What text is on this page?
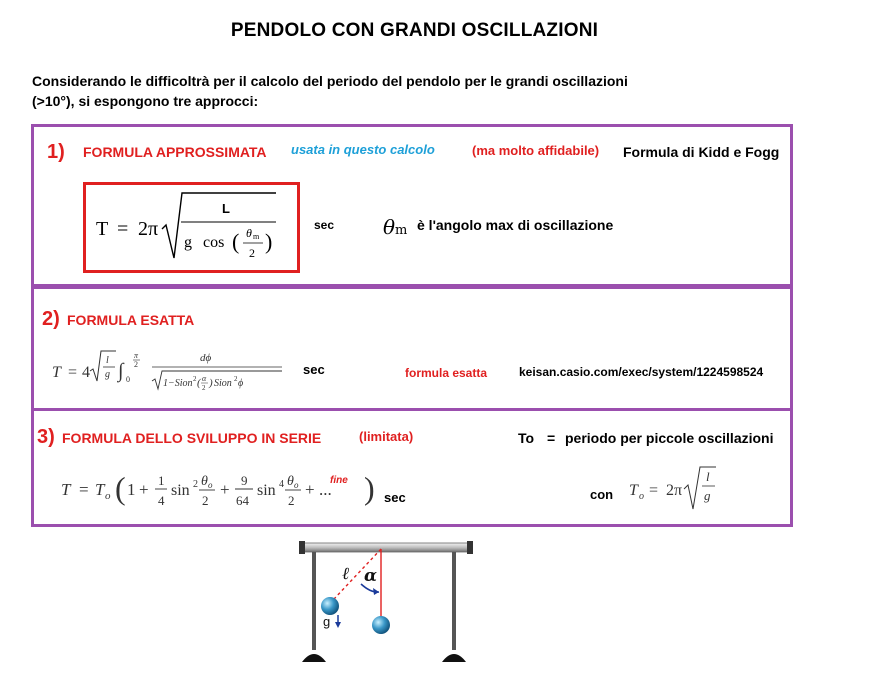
PENDOLO CON GRANDI OSCILLAZIONI
Considerando le difficoltrà per il calcolo del periodo del pendolo per le grandi oscillazioni
(>10°), si espongono tre approcci:
1) FORMULA APPROSSIMATA usata in questo calcolo	(ma molto affidabile) Formula di Kidd e Fogg
T = 2π
L
g cos ( θ m
2 )
sec θm è l'angolo max di oscillazione
2) FORMULA ESATTA
T = 4
l
g ∫ 0
π
2
dϕ
1−Sion 2 ( α
2 ) Sion 2 ϕ
sec	formula esatta	keisan.casio.com/exec/system/1224598524
3) FORMULA DELLO SVILUPPO IN SERIE	(limitata)	To = periodo per piccole oscillazioni
T = T o ( 1 + 1
4
sin 2 θ o
2
+ 9
64
sin 4 θ o
2
+ ... )
fine
sec	con T o = 2π
l
g
ℓ α
g
